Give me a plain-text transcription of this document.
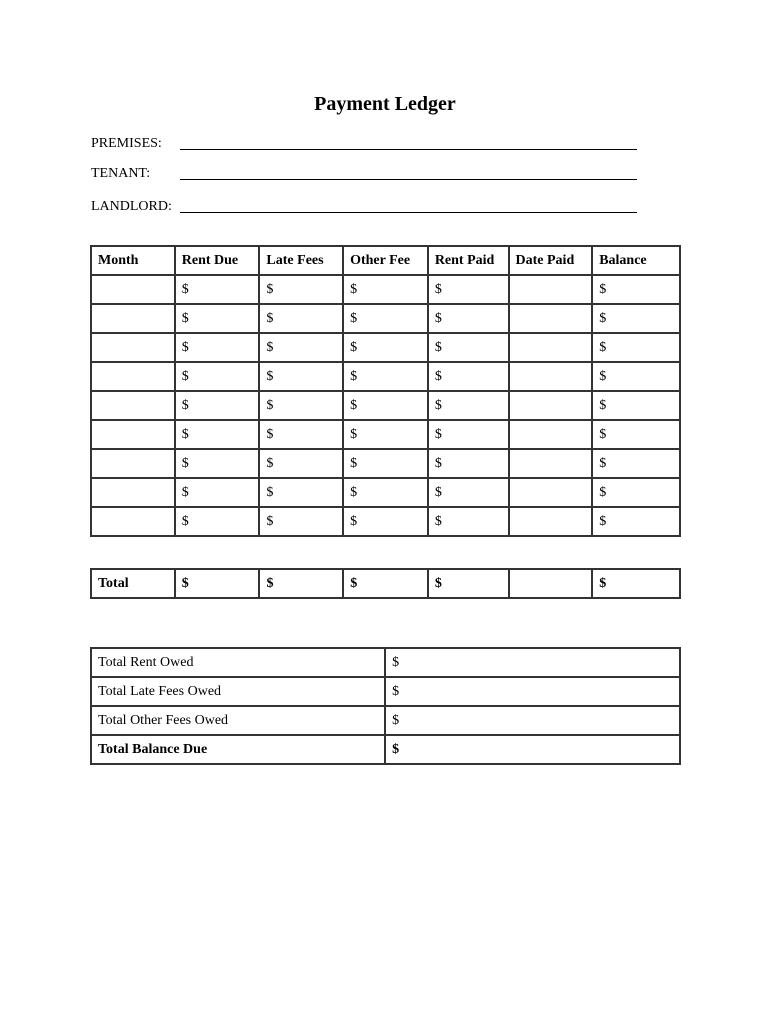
Payment Ledger
PREMISES:
TENANT:
LANDLORD:
Month	Rent Due	Late Fees	Other Fee	Rent Paid	Date Paid	Balance
	$	$	$	$		$
	$	$	$	$		$
	$	$	$	$		$
	$	$	$	$		$
	$	$	$	$		$
	$	$	$	$		$
	$	$	$	$		$
	$	$	$	$		$
	$	$	$	$		$
Total	$	$	$	$		$
Total Rent Owed	$
Total Late Fees Owed	$
Total Other Fees Owed	$
Total Balance Due	$
